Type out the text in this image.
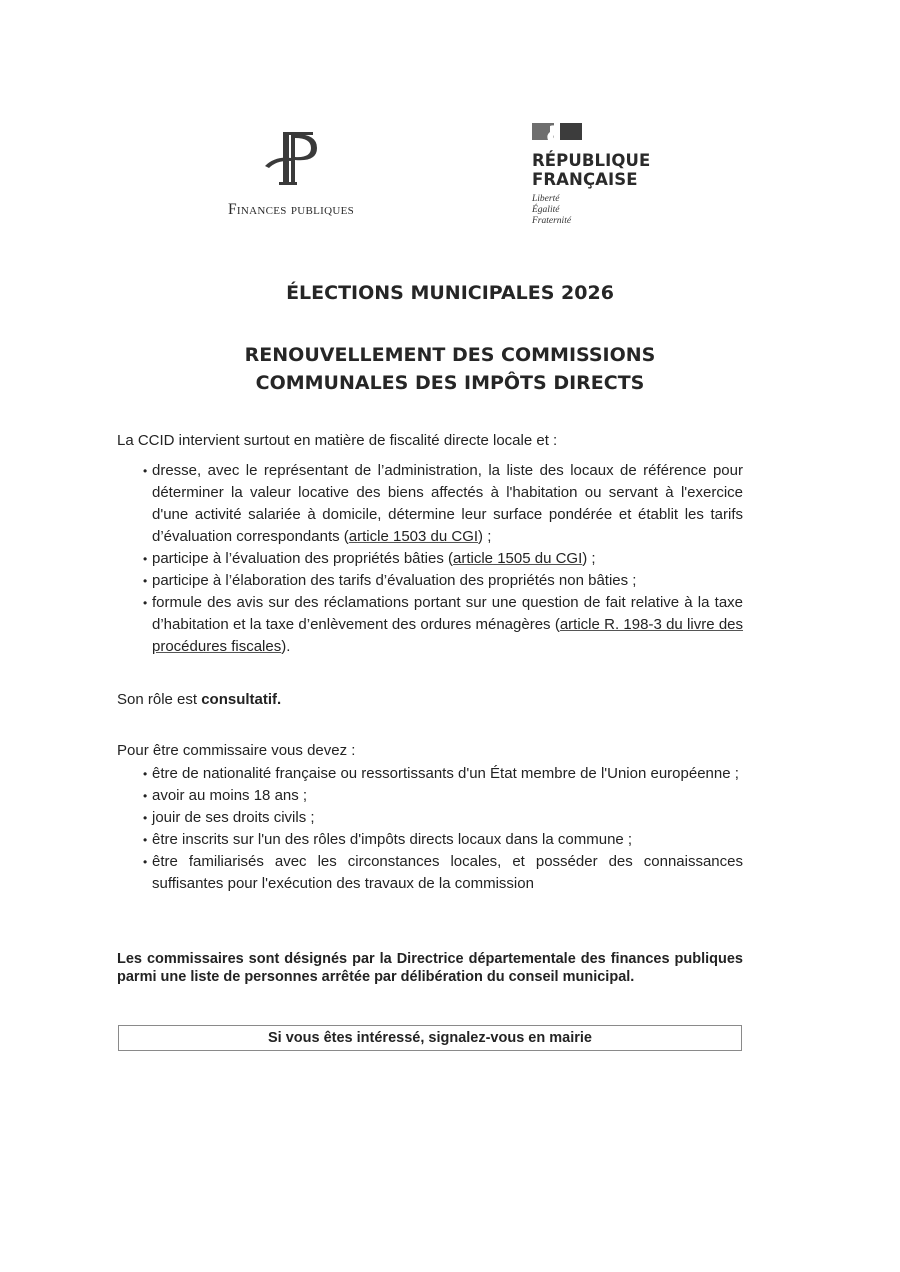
Finances publiques
RÉPUBLIQUE
FRANÇAISE
Liberté
Égalité
Fraternité
ÉLECTIONS MUNICIPALES 2026
RENOUVELLEMENT DES COMMISSIONS
COMMUNALES DES IMPÔTS DIRECTS
La CCID intervient surtout en matière de fiscalité directe locale et :
• dresse, avec le représentant de l’administration, la liste des locaux de référence pour déterminer la valeur locative des biens affectés à l'habitation ou servant à l'exercice d'une activité salariée à domicile, détermine leur surface pondérée et établit les tarifs d’évaluation correspondants (article 1503 du CGI) ;
• participe à l’évaluation des propriétés bâties (article 1505 du CGI) ;
• participe à l’élaboration des tarifs d’évaluation des propriétés non bâties ;
• formule des avis sur des réclamations portant sur une question de fait relative à la taxe d’habitation et la taxe d’enlèvement des ordures ménagères (article R. 198-3 du livre des procédures fiscales).
Son rôle est consultatif.
Pour être commissaire vous devez :
• être de nationalité française ou ressortissants d'un État membre de l'Union européenne ;
• avoir au moins 18 ans ;
• jouir de ses droits civils ;
• être inscrits sur l'un des rôles d'impôts directs locaux dans la commune ;
• être familiarisés avec les circonstances locales, et posséder des connaissances suffisantes pour l'exécution des travaux de la commission
Les commissaires sont désignés par la Directrice départementale des finances publiques parmi une liste de personnes arrêtée par délibération du conseil municipal.
Si vous êtes intéressé, signalez-vous en mairie
